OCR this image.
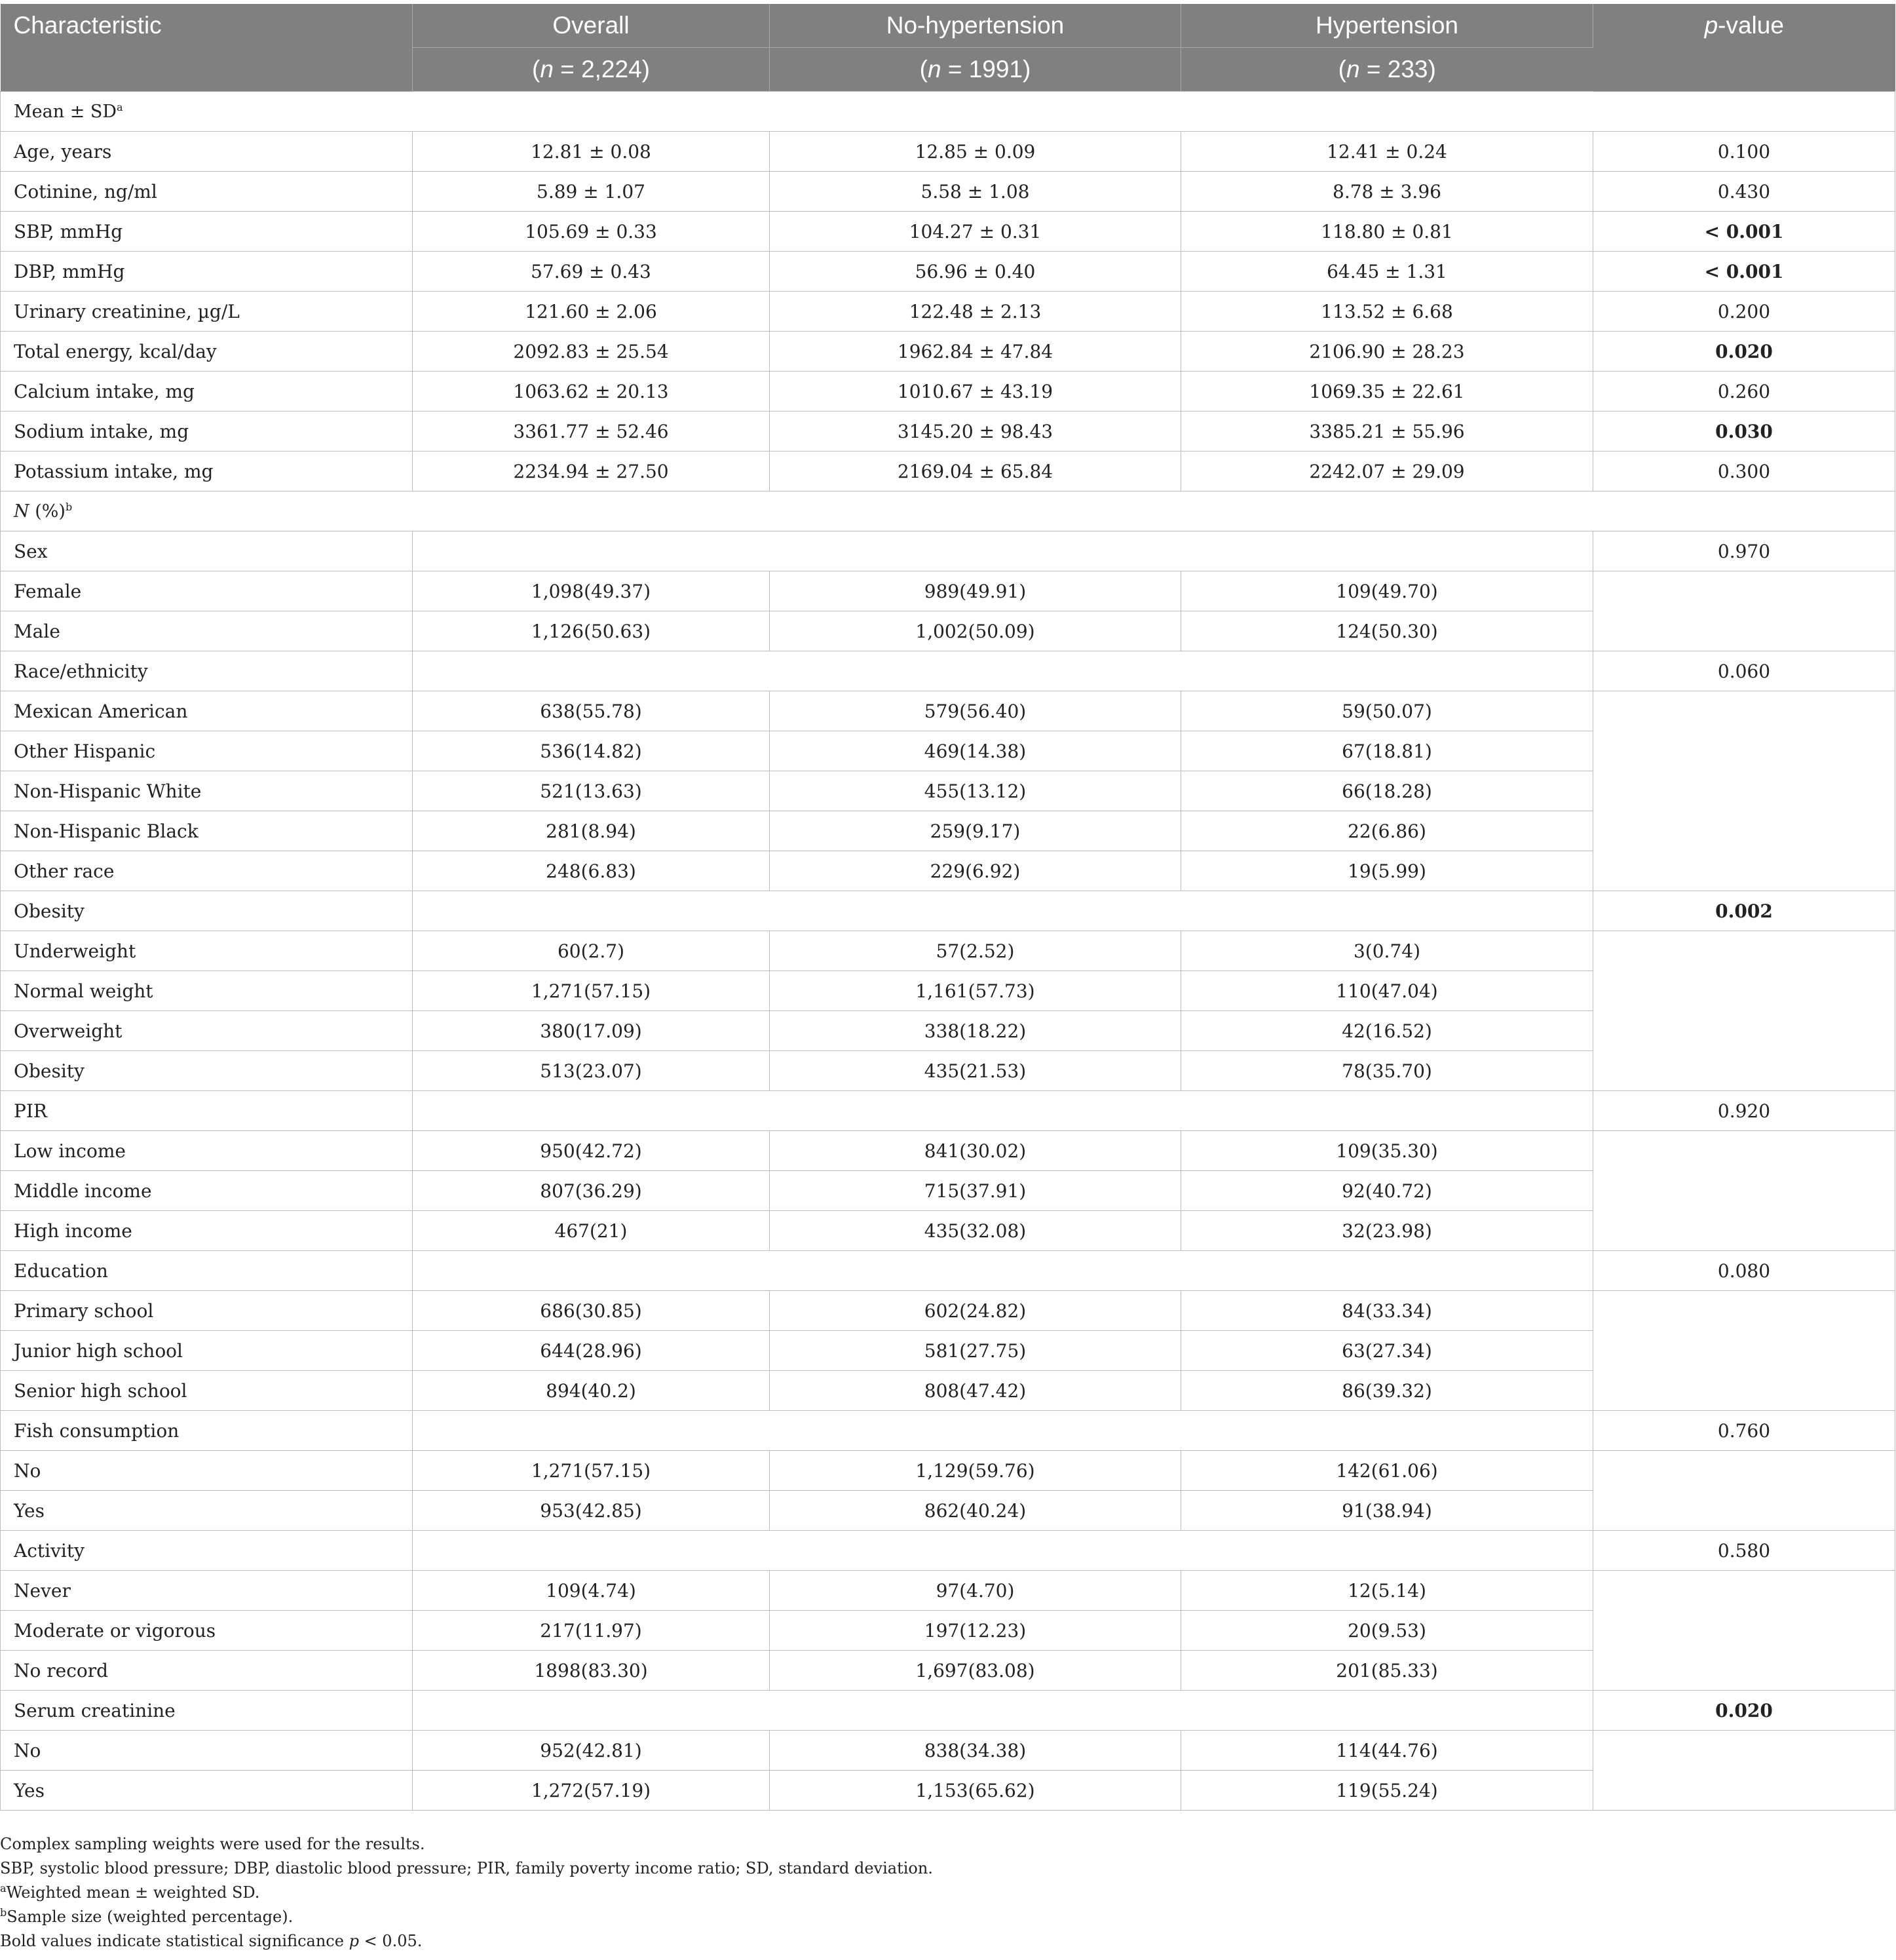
Characteristic	Overall	No-hypertension	Hypertension	p-value
	(n = 2,224)	(n = 1991)	(n = 233)	
Mean ± $SD^a$
Age, years	12.81 ± 0.08	12.85 ± 0.09	12.41 ± 0.24	0.100
Cotinine, ng/ml	5.89 ± 1.07	5.58 ± 1.08	8.78 ± 3.96	0.430
SBP, mmHg	105.69 ± 0.33	104.27 ± 0.31	118.80 ± 0.81	< 0.001
DBP, mmHg	57.69 ± 0.43	56.96 ± 0.40	64.45 ± 1.31	< 0.001
Urinary creatinine, µg/L	121.60 ± 2.06	122.48 ± 2.13	113.52 ± 6.68	0.200
Total energy, kcal/day	2092.83 ± 25.54	1962.84 ± 47.84	2106.90 ± 28.23	0.020
Calcium intake, mg	1063.62 ± 20.13	1010.67 ± 43.19	1069.35 ± 22.61	0.260
Sodium intake, mg	3361.77 ± 52.46	3145.20 ± 98.43	3385.21 ± 55.96	0.030
Potassium intake, mg	2234.94 ± 27.50	2169.04 ± 65.84	2242.07 ± 29.09	0.300
N (%)$^b$
Sex				0.970
Female	1,098(49.37)	989(49.91)	109(49.70)	
Male	1,126(50.63)	1,002(50.09)	124(50.30)	
Race/ethnicity				0.060
Mexican American	638(55.78)	579(56.40)	59(50.07)	
Other Hispanic	536(14.82)	469(14.38)	67(18.81)	
Non-Hispanic White	521(13.63)	455(13.12)	66(18.28)	
Non-Hispanic Black	281(8.94)	259(9.17)	22(6.86)	
Other race	248(6.83)	229(6.92)	19(5.99)	
Obesity				0.002
Underweight	60(2.7)	57(2.52)	3(0.74)	
Normal weight	1,271(57.15)	1,161(57.73)	110(47.04)	
Overweight	380(17.09)	338(18.22)	42(16.52)	
Obesity	513(23.07)	435(21.53)	78(35.70)	
PIR				0.920
Low income	950(42.72)	841(30.02)	109(35.30)	
Middle income	807(36.29)	715(37.91)	92(40.72)	
High income	467(21)	435(32.08)	32(23.98)	
Education				0.080
Primary school	686(30.85)	602(24.82)	84(33.34)	
Junior high school	644(28.96)	581(27.75)	63(27.34)	
Senior high school	894(40.2)	808(47.42)	86(39.32)	
Fish consumption				0.760
No	1,271(57.15)	1,129(59.76)	142(61.06)	
Yes	953(42.85)	862(40.24)	91(38.94)	
Activity				0.580
Never	109(4.74)	97(4.70)	12(5.14)	
Moderate or vigorous	217(11.97)	197(12.23)	20(9.53)	
No record	1898(83.30)	1,697(83.08)	201(85.33)	
Serum creatinine				0.020
No	952(42.81)	838(34.38)	114(44.76)	
Yes	1,272(57.19)	1,153(65.62)	119(55.24)	
Complex sampling weights were used for the results.
SBP, systolic blood pressure; DBP, diastolic blood pressure; PIR, family poverty income ratio; SD, standard deviation.
$^a$Weighted mean ± weighted SD.
$^b$Sample size (weighted percentage).
Bold values indicate statistical significance p < 0.05.
